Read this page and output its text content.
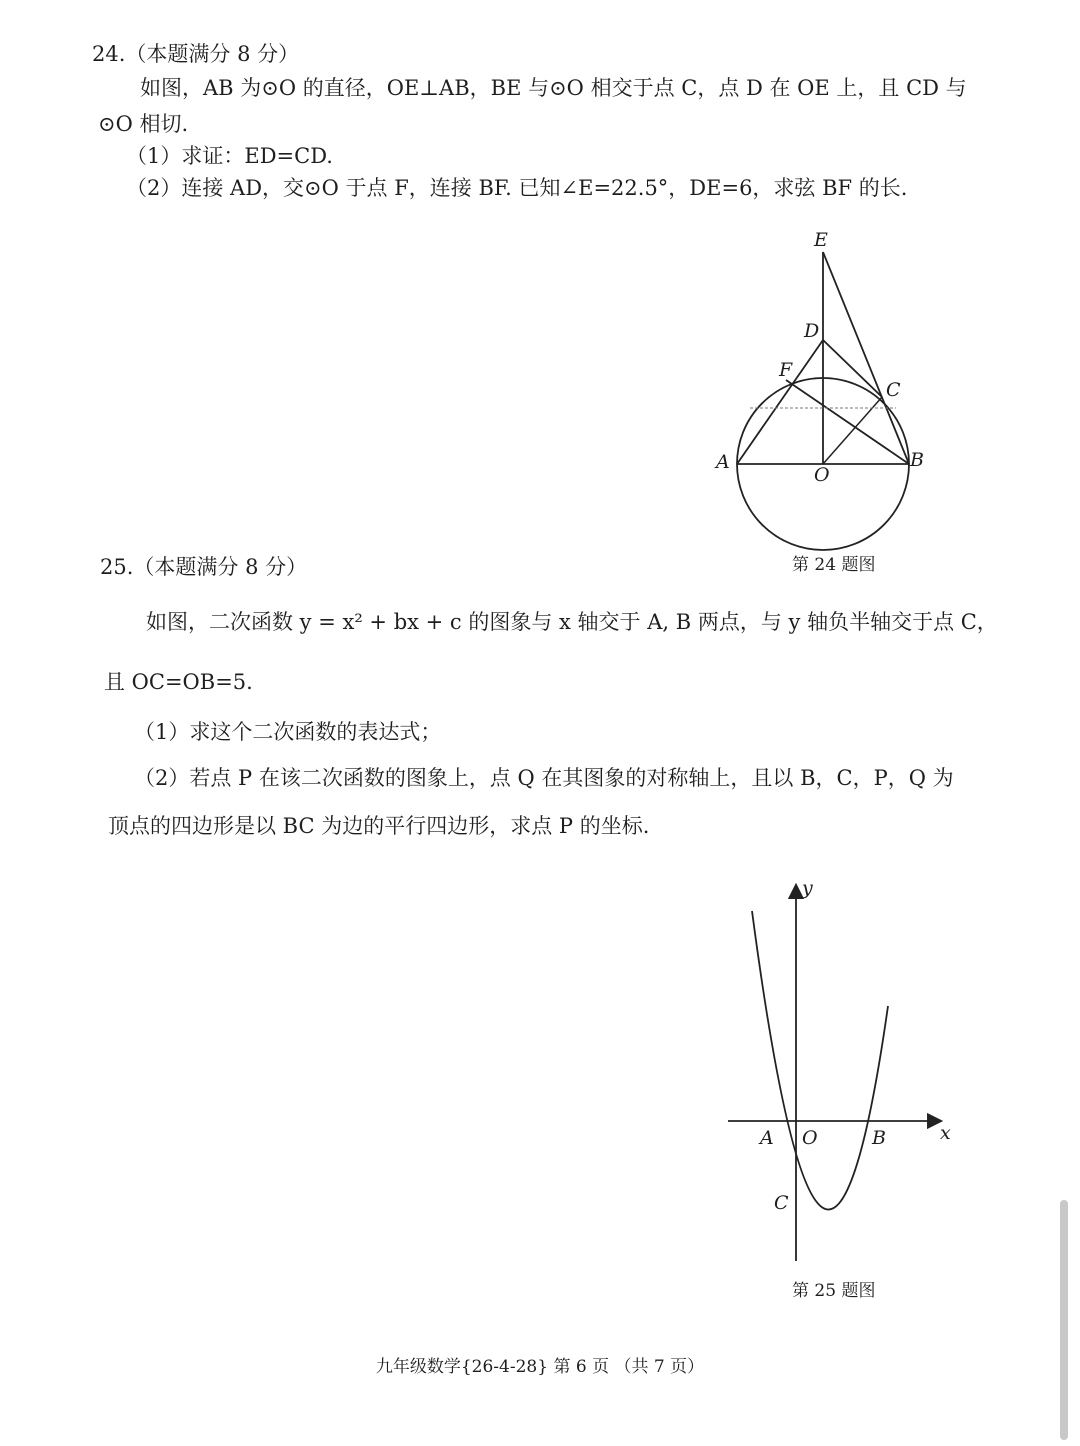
24.（本题满分 8 分）
如图，AB 为⊙O 的直径，OE⊥AB，BE 与⊙O 相交于点 C，点 D 在 OE 上，且 CD 与
⊙O 相切.
（1）求证：ED=CD.
（2）连接 AD，交⊙O 于点 F，连接 BF. 已知∠E=22.5°，DE=6，求弦 BF 的长.
E
D
F
C
A
O
B
第 24 题图
25.（本题满分 8 分）
如图，二次函数 y = x² + bx + c 的图象与 x 轴交于 A, B 两点，与 y 轴负半轴交于点 C，
且 OC=OB=5.
（1）求这个二次函数的表达式；
（2）若点 P 在该二次函数的图象上，点 Q 在其图象的对称轴上，且以 B，C，P，Q 为
顶点的四边形是以 BC 为边的平行四边形，求点 P 的坐标.
y
x
A O	B
C
第 25 题图
九年级数学{26-4-28} 第 6 页 （共 7 页）
